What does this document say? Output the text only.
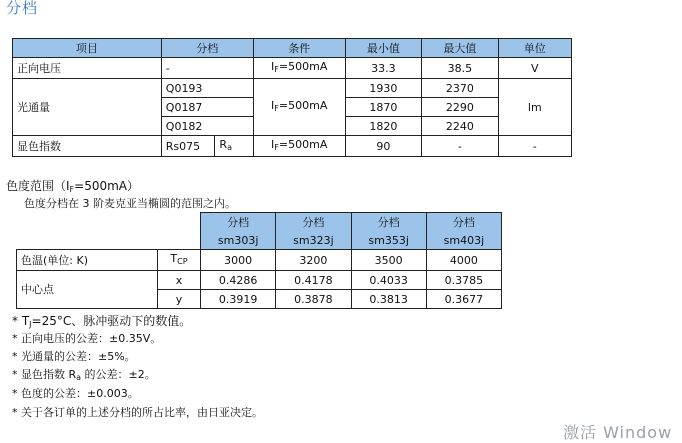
分档
项目	分档		条件	最小值	最大值	单位
正向电压	-		$I_F=500mA$	33.3	38.5	V
光通量	Q0193		$I_F=500mA$	1930	2370	lm
	Q0187			1870	2290	
	Q0182			1820	2240	
显色指数	Rs075	$R_a$	$I_F=500mA$	90	-	-
色度范围$(I_F=500mA)$
色度分档在 3 阶麦克亚当椭圆的范围之内。
		分档	分档	分档	分档
		sm303j	sm323j	sm353j	sm403j
色温(单位: K)	$T_{CP}$	3000	3200	3500	4000
中心点	x	0.4286	0.4178	0.4033	0.3785
	y	0.3919	0.3878	0.3813	0.3677
* $T_J=25^\circ C$、脉冲驱动下的数值。
* 正向电压的公差：±0.35V。
* 光通量的公差：±5%。
* 显色指数 $R_a$ 的公差：±2。
* 色度的公差：±0.003。
* 关于各订单的上述分档的所占比率，由日亚决定。
激活 Window
